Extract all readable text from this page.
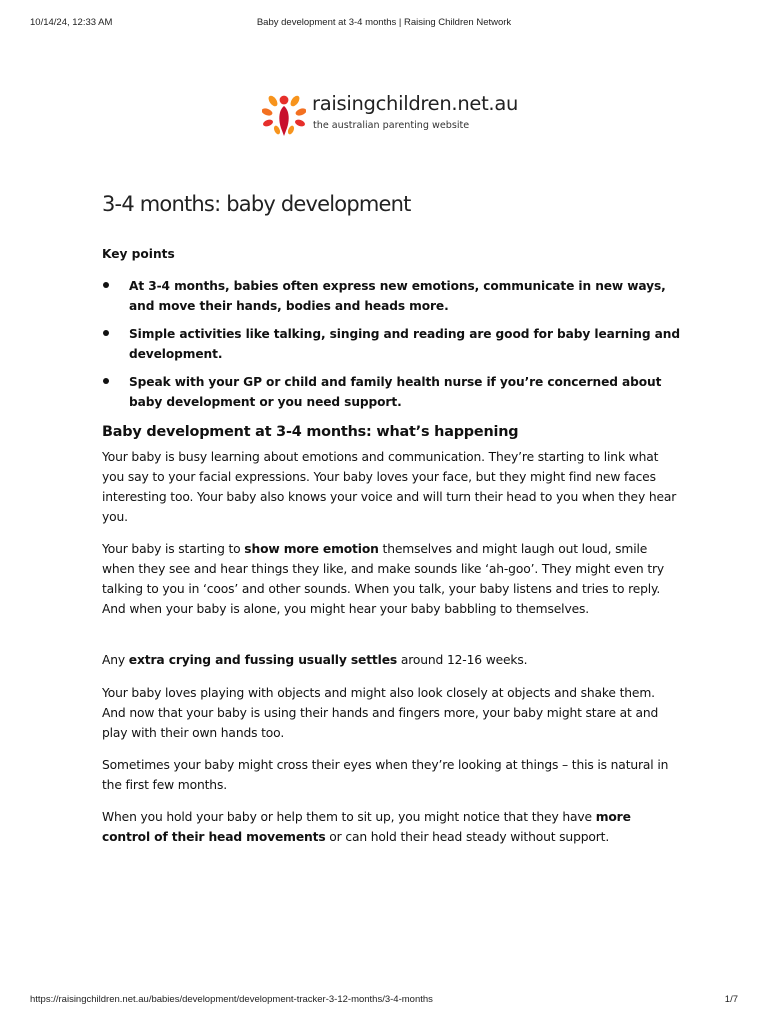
10/14/24, 12:33 AM	Baby development at 3-4 months | Raising Children Network
raisingchildren.net.au
the australian parenting website
3-4 months: baby development
Key points
At 3-4 months, babies often express new emotions, communicate in new ways, and move their hands, bodies and heads more.
Simple activities like talking, singing and reading are good for baby learning and development.
Speak with your GP or child and family health nurse if you’re concerned about baby development or you need support.
Baby development at 3-4 months: what’s happening

Your baby is busy learning about emotions and communication. They’re starting to link what you say to your facial expressions. Your baby loves your face, but they might find new faces interesting too. Your baby also knows your voice and will turn their head to you when they hear you.

Your baby is starting to show more emotion themselves and might laugh out loud, smile when they see and hear things they like, and make sounds like ‘ah-goo’. They might even try talking to you in ‘coos’ and other sounds. When you talk, your baby listens and tries to reply. And when your baby is alone, you might hear your baby babbling to themselves.

Any extra crying and fussing usually settles around 12-16 weeks.

Your baby loves playing with objects and might also look closely at objects and shake them. And now that your baby is using their hands and fingers more, your baby might stare at and play with their own hands too.

Sometimes your baby might cross their eyes when they’re looking at things – this is natural in the first few months.

When you hold your baby or help them to sit up, you might notice that they have more control of their head movements or can hold their head steady without support.

https://raisingchildren.net.au/babies/development/development-tracker-3-12-months/3-4-months	1/7
